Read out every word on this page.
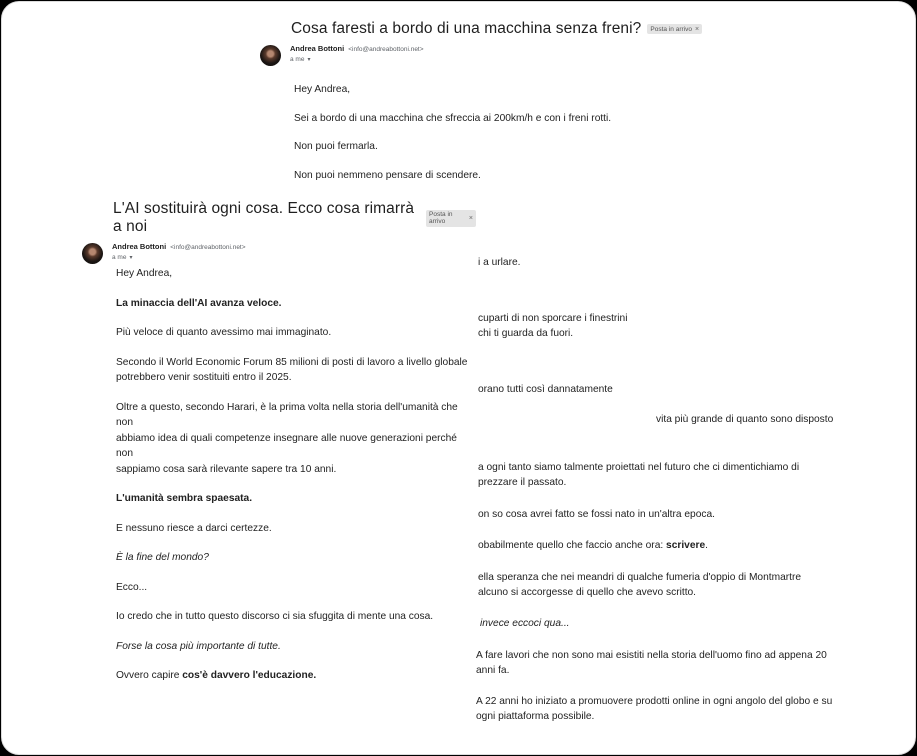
Cosa faresti a bordo di una macchina senza freni? Posta in arrivo ×
Andrea Bottoni <info@andreabottoni.net>
a me ▾

Hey Andrea,

Sei a bordo di una macchina che sfreccia ai 200km/h e con i freni rotti.

Non puoi fermarla.

Non puoi nemmeno pensare di scendere.

i a urlare.
cuparti di non sporcare i finestrini
chi ti guarda da fuori.
orano tutti così dannatamente
vita più grande di quanto sono disposto
a ogni tanto siamo talmente proiettati nel futuro che ci dimentichiamo di
prezzare il passato.
on so cosa avrei fatto se fossi nato in un'altra epoca.
obabilmente quello che faccio anche ora: scrivere.
ella speranza che nei meandri di qualche fumeria d'oppio di Montmartre
alcuno si accorgesse di quello che avevo scritto.
invece eccoci qua...
A fare lavori che non sono mai esistiti nella storia dell'uomo fino ad appena 20
anni fa.
A 22 anni ho iniziato a promuovere prodotti online in ogni angolo del globo e su
ogni piattaforma possibile.
L'AI sostituirà ogni cosa. Ecco cosa rimarrà a noi
Posta in arrivo	×
Andrea Bottoni <info@andreabottoni.net>
a me ▾

Hey Andrea,

La minaccia dell'AI avanza veloce.

Più veloce di quanto avessimo mai immaginato.

Secondo il World Economic Forum 85 milioni di posti di lavoro a livello globale
potrebbero venir sostituiti entro il 2025.

Oltre a questo, secondo Harari, è la prima volta nella storia dell'umanità che non
abbiamo idea di quali competenze insegnare alle nuove generazioni perché non
sappiamo cosa sarà rilevante sapere tra 10 anni.

L'umanità sembra spaesata.

E nessuno riesce a darci certezze.

È la fine del mondo?

Ecco...

Io credo che in tutto questo discorso ci sia sfuggita di mente una cosa.

Forse la cosa più importante di tutte.

Ovvero capire cos'è davvero l'educazione.
